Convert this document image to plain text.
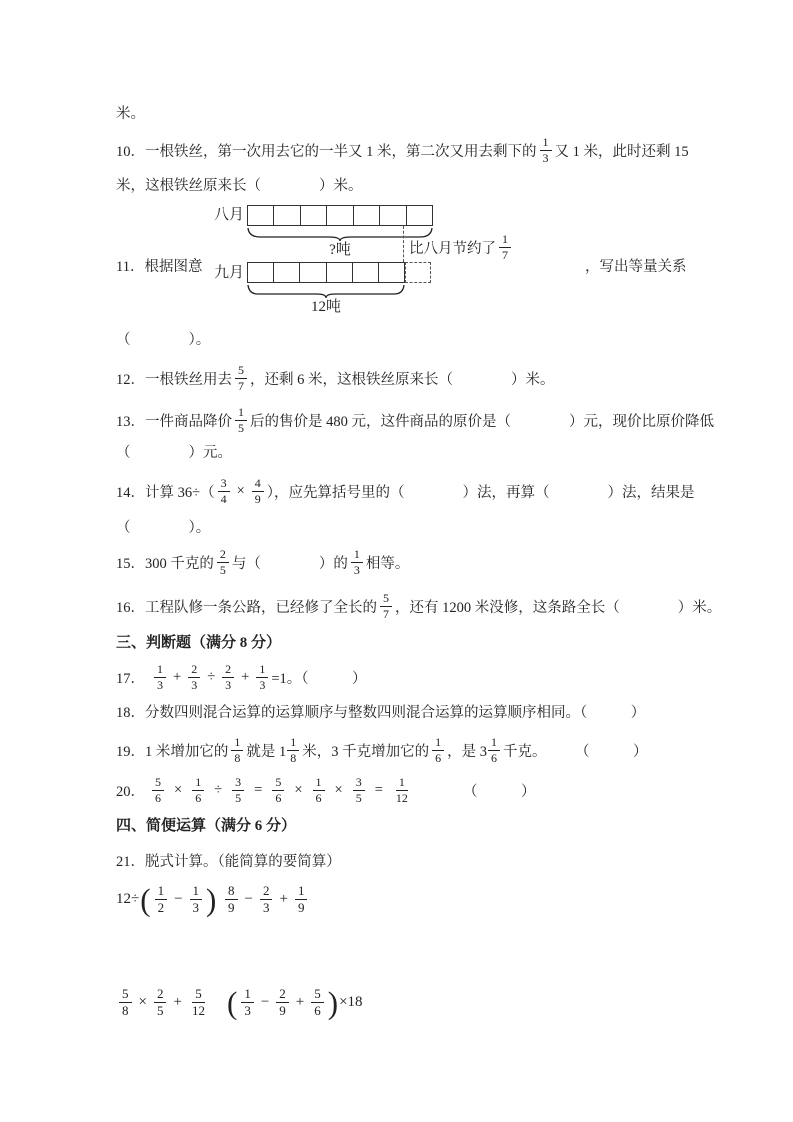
米。
10． 一根铁丝，第一次用去它的一半又 1 米，第二次又用去剩下的 $\frac{1}{3}$ 又 1 米，此时还剩 15
米，这根铁丝原来长（　　　　）米。
八月
?吨	比八月节约了 $\frac{1}{7}$
九月
12吨
11． 根据图意	，写出等量关系
（　　　　）。
12． 一根铁丝用去 $\frac{5}{7}$ ，还剩 6 米，这根铁丝原来长（　　　　）米。
13． 一件商品降价 $\frac{1}{5}$ 后的售价是 480 元，这件商品的原价是（　　　　）元，现价比原价降低
（　　　　）元。
14． 计算 $36\div( \frac{3}{4} \times \frac{4}{9}$ ），应先算括号里的（　　　　）法，再算（　　　　）法，结果是
（　　　　）。
15． 300 千克的 $\frac{2}{5}$ 与（　　　　）的 $\frac{1}{3}$ 相等。
16． 工程队修一条公路，已经修了全长的 $\frac{5}{7}$ ，还有 1200 米没修，这条路全长（　　　　）米。
三、判断题（满分 8 分）
17． $\frac{1}{3} + \frac{2}{3} \div \frac{2}{3} + \frac{1}{3} =1$。（　　　）
18． 分数四则混合运算的运算顺序与整数四则混合运算的运算顺序相同。（　　　）
19． 1 米增加它的 $\frac{1}{8}$ 就是 $1 \frac{1}{8}$ 米，3 千克增加它的 $\frac{1}{6}$ ，是 $3 \frac{1}{6}$ 千克。 （　　　）
20． $\frac{5}{6} \times \frac{1}{6} \div \frac{3}{5} = \frac{5}{6} \times \frac{1}{6} \times \frac{3}{5} = \frac{1}{12}$	（　　　）
四、简便运算（满分 6 分）
21． 脱式计算。（能简算的要简算）
12÷ ( $\frac{1}{2} - \frac{1}{3}$ ) $\frac{8}{9} - \frac{2}{3} + \frac{1}{9}$
$\frac{5}{8} \times \frac{2}{5} + \frac{5}{12}$ ( $\frac{1}{3} - \frac{2}{9} + \frac{5}{6}$ ) ×18
